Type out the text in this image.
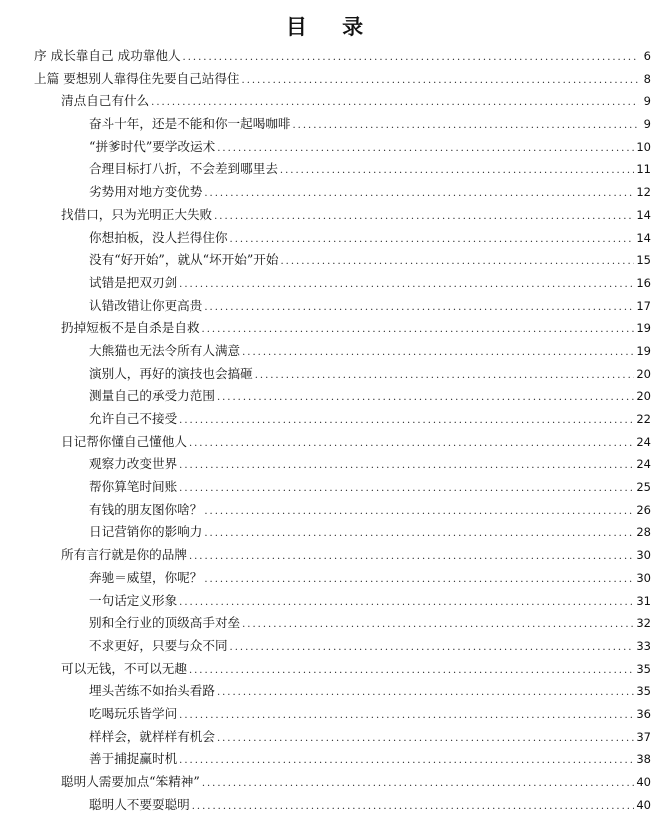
目 录
序 成长靠自己 成功靠他人 .....	6
上篇 要想别人靠得住先要自己站得住 .....	8
清点自己有什么 .....	9
奋斗十年，还是不能和你一起喝咖啡 .....	9
“拼爹时代”要学改运术 .....	10
合理目标打八折，不会差到哪里去 .....	11
劣势用对地方变优势 .....	12
找借口，只为光明正大失败 .....	14
你想拍板，没人拦得住你 .....	14
没有“好开始”，就从“坏开始”开始 .....	15
试错是把双刃剑 .....	16
认错改错让你更高贵 .....	17
扔掉短板不是自杀是自救 .....	19
大熊猫也无法令所有人满意 .....	19
演别人，再好的演技也会搞砸 .....	20
测量自己的承受力范围 .....	20
允许自己不接受 .....	22
日记帮你懂自己懂他人 .....	24
观察力改变世界 .....	24
帮你算笔时间账 .....	25
有钱的朋友图你啥？ .....	26
日记营销你的影响力 .....	28
所有言行就是你的品牌 .....	30
奔驰＝威望，你呢？ .....	30
一句话定义形象 .....	31
别和全行业的顶级高手对垒 .....	32
不求更好，只要与众不同 .....	33
可以无钱，不可以无趣 .....	35
埋头苦练不如抬头看路 .....	35
吃喝玩乐皆学问 .....	36
样样会，就样样有机会 .....	37
善于捕捉赢时机 .....	38
聪明人需要加点“笨精神” .....	40
聪明人不要耍聪明 .....	40
